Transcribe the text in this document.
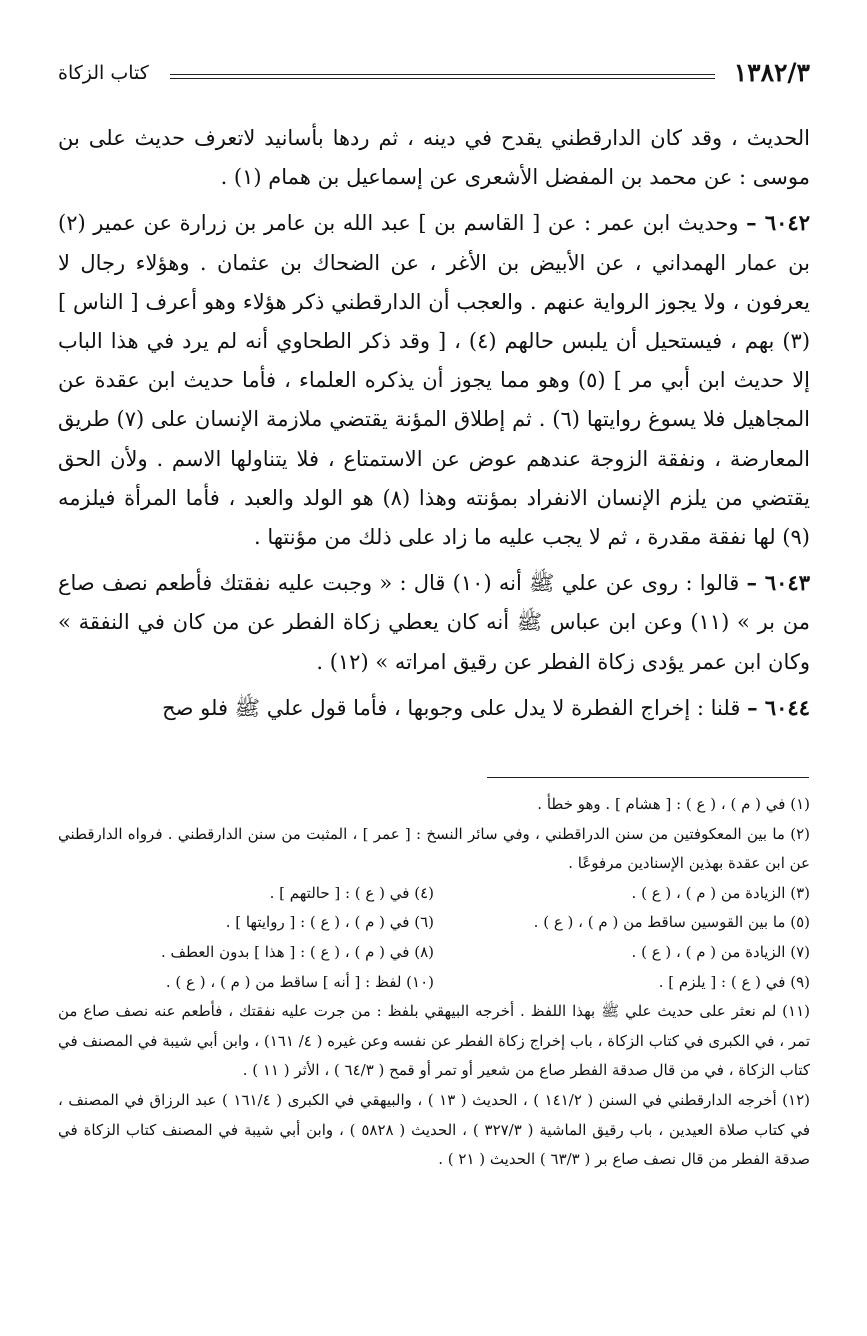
١٣٨٢/٣
كتاب الزكاة

الحديث ، وقد كان الدارقطني يقدح في دينه ، ثم ردها بأسانيد لاتعرف حديث على بن موسى : عن محمد بن المفضل الأشعرى عن إسماعيل بن همام (١) .

٦٠٤٢ – وحديث ابن عمر : عن [ القاسم بن ] عبد الله بن عامر بن زرارة عن عمير (٢) بن عمار الهمداني ، عن الأبيض بن الأغر ، عن الضحاك بن عثمان . وهؤلاء رجال لا يعرفون ، ولا يجوز الرواية عنهم . والعجب أن الدارقطني ذكر هؤلاء وهو أعرف [ الناس ] (٣) بهم ، فيستحيل أن يلبس حالهم (٤) ، [ وقد ذكر الطحاوي أنه لم يرد في هذا الباب إلا حديث ابن أبي مر ] (٥) وهو مما يجوز أن يذكره العلماء ، فأما حديث ابن عقدة عن المجاهيل فلا يسوغ روايتها (٦) . ثم إطلاق المؤنة يقتضي ملازمة الإنسان على (٧) طريق المعارضة ، ونفقة الزوجة عندهم عوض عن الاستمتاع ، فلا يتناولها الاسم . ولأن الحق يقتضي من يلزم الإنسان الانفراد بمؤنته وهذا (٨) هو الولد والعبد ، فأما المرأة فيلزمه (٩) لها نفقة مقدرة ، ثم لا يجب عليه ما زاد على ذلك من مؤنتها .

٦٠٤٣ – قالوا : روى عن علي ﷺ أنه (١٠) قال : « وجبت عليه نفقتك فأطعم نصف صاع من بر » (١١) وعن ابن عباس ﷺ أنه كان يعطي زكاة الفطر عن من كان في النفقة » وكان ابن عمر يؤدى زكاة الفطر عن رقيق امراته » (١٢) .

٦٠٤٤ – قلنا : إخراج الفطرة لا يدل على وجوبها ، فأما قول علي ﷺ فلو صح

(١) في ( م ) ، ( ع ) : [ هشام ] . وهو خطأ .

(٢) ما بين المعكوفتين من سنن الدراقطني ، وفي سائر النسخ : [ عمر ] ، المثبت من سنن الدارقطني . فرواه الدارقطني عن ابن عقدة بهذين الإسنادين مرفوعًا .

(٣) الزيادة من ( م ) ، ( ع ) .
(٤) في ( ع ) : [ حالتهم ] .
(٥) ما بين القوسين ساقط من ( م ) ، ( ع ) .
(٦) في ( م ) ، ( ع ) : [ روايتها ] .
(٧) الزيادة من ( م ) ، ( ع ) .
(٨) في ( م ) ، ( ع ) : [ هذا ] بدون العطف .
(٩) في ( ع ) : [ يلزم ] .
(١٠) لفظ : [ أنه ] ساقط من ( م ) ، ( ع ) .

(١١) لم نعثر على حديث علي ﷺ بهذا اللفظ . أخرجه البيهقي بلفظ : من جرت عليه نفقتك ، فأطعم عنه نصف صاع من تمر ، في الكبرى في كتاب الزكاة ، باب إخراج زكاة الفطر عن نفسه وعن غيره ( ٤/ ١٦١) ، وابن أبي شيبة في المصنف في كتاب الزكاة ، في من قال صدقة الفطر صاع من شعير أو تمر أو قمح ( ٦٤/٣ ) ، الأثر ( ١١ ) .

(١٢) أخرجه الدارقطني في السنن ( ١٤١/٢ ) ، الحديث ( ١٣ ) ، والبيهقي في الكبرى ( ١٦١/٤ ) عبد الرزاق في المصنف ، في كتاب صلاة العيدين ، باب رقيق الماشية ( ٣٢٧/٣ ) ، الحديث ( ٥٨٢٨ ) ، وابن أبي شيبة في المصنف كتاب الزكاة في صدقة الفطر من قال نصف صاع بر ( ٦٣/٣ ) الحديث ( ٢١ ) .
